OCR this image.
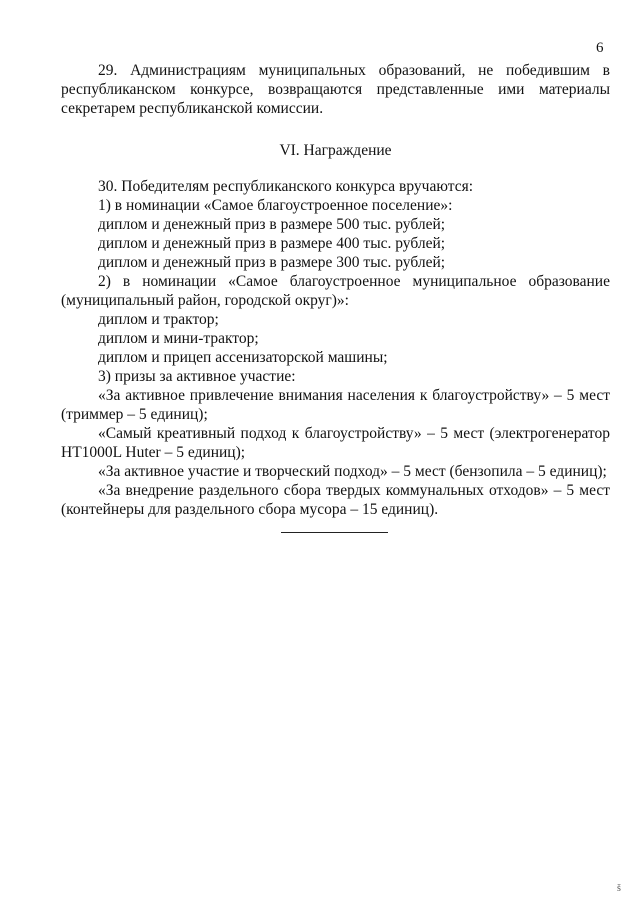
6

29. Администрациям муниципальных образований, не победившим в республиканском конкурсе, возвращаются представленные ими материалы секретарем республиканской комиссии.

VI. Награждение

30. Победителям республиканского конкурса вручаются:

1) в номинации «Самое благоустроенное поселение»:

диплом и денежный приз в размере 500 тыс. рублей;

диплом и денежный приз в размере 400 тыс. рублей;

диплом и денежный приз в размере 300 тыс. рублей;

2) в номинации «Самое благоустроенное муниципальное образование (муниципальный район, городской округ)»:

диплом и трактор;

диплом и мини-трактор;

диплом и прицеп ассенизаторской машины;

3) призы за активное участие:

«За активное привлечение внимания населения к благоустройству» – 5 мест (триммер – 5 единиц);

«Самый креативный подход к благоустройству» – 5 мест (электрогенератор HT1000L Huter – 5 единиц);

«За активное участие и творческий подход» – 5 мест (бензопила – 5 единиц);

«За внедрение раздельного сбора твердых коммунальных отходов» – 5 мест (контейнеры для раздельного сбора мусора – 15 единиц).

š
